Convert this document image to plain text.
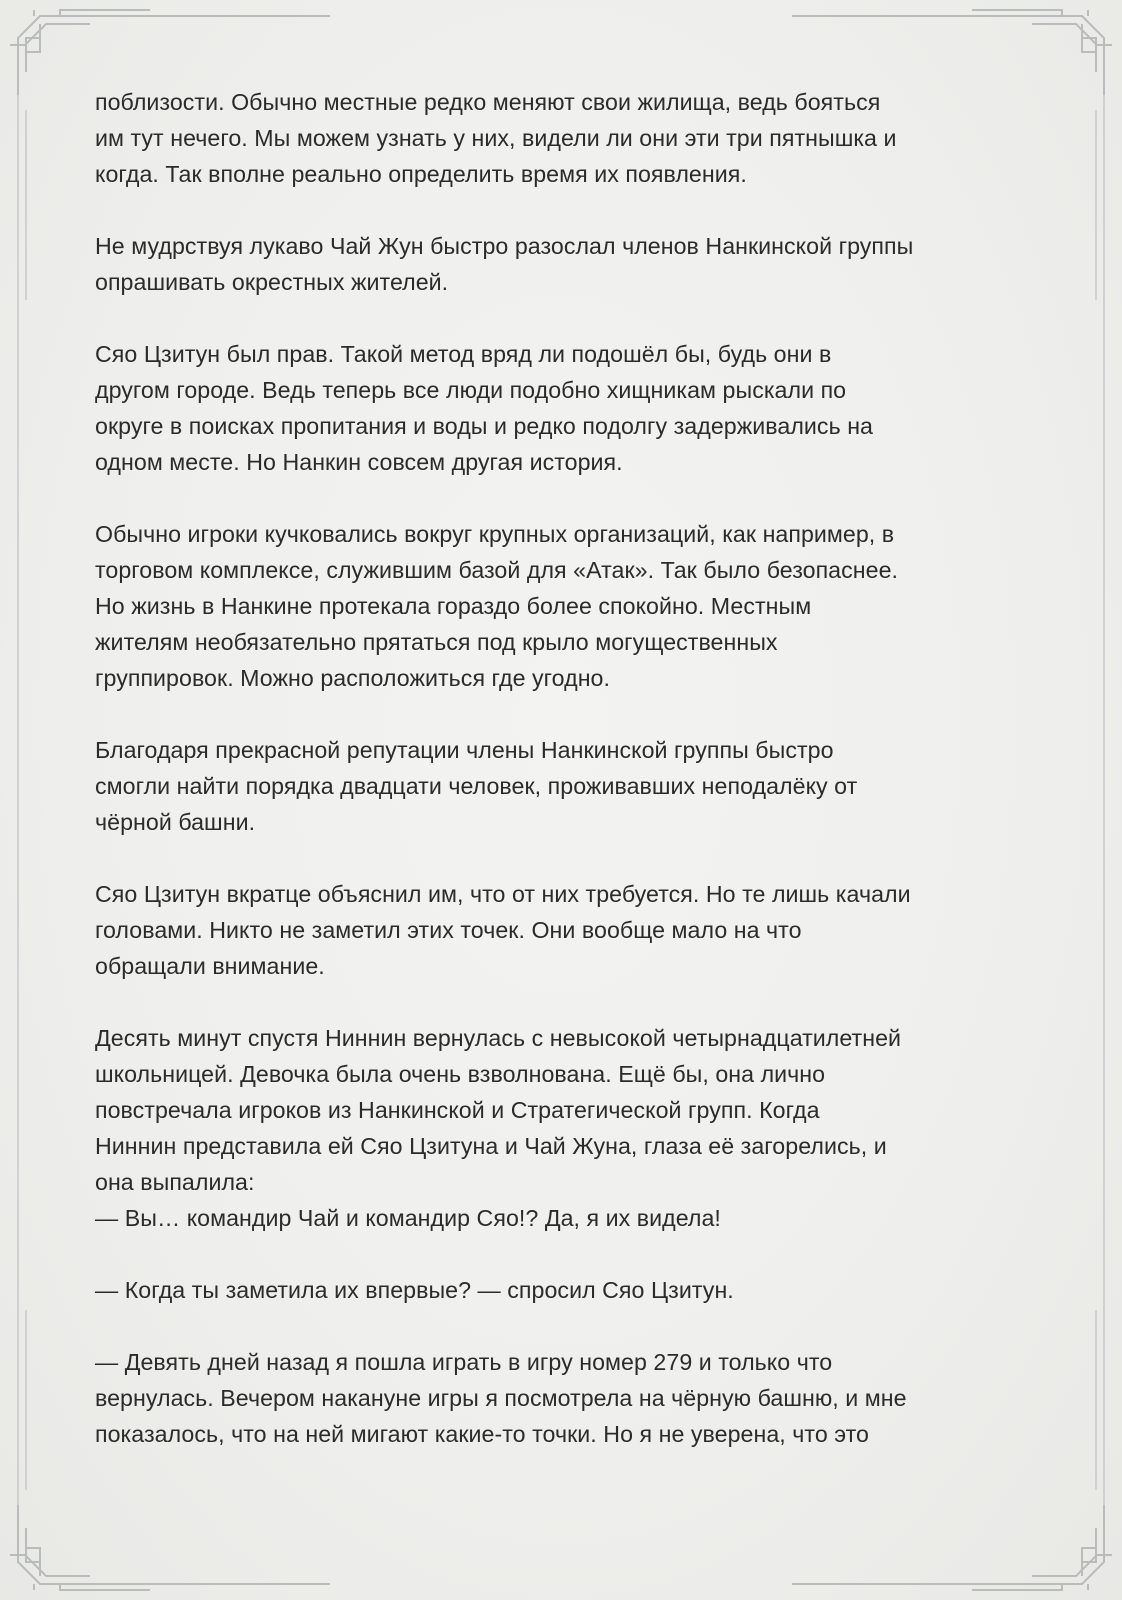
поблизости. Обычно местные редко меняют свои жилища, ведь бояться
им тут нечего. Мы можем узнать у них, видели ли они эти три пятнышка и
когда. Так вполне реально определить время их появления.

Не мудрствуя лукаво Чай Жун быстро разослал членов Нанкинской группы
опрашивать окрестных жителей.

Сяо Цзитун был прав. Такой метод вряд ли подошёл бы, будь они в
другом городе. Ведь теперь все люди подобно хищникам рыскали по
округе в поисках пропитания и воды и редко подолгу задерживались на
одном месте. Но Нанкин совсем другая история.

Обычно игроки кучковались вокруг крупных организаций, как например, в
торговом комплексе, служившим базой для «Атак». Так было безопаснее.
Но жизнь в Нанкине протекала гораздо более спокойно. Местным
жителям необязательно прятаться под крыло могущественных
группировок. Можно расположиться где угодно.

Благодаря прекрасной репутации члены Нанкинской группы быстро
смогли найти порядка двадцати человек, проживавших неподалёку от
чёрной башни.

Сяо Цзитун вкратце объяснил им, что от них требуется. Но те лишь качали
головами. Никто не заметил этих точек. Они вообще мало на что
обращали внимание.

Десять минут спустя Ниннин вернулась с невысокой четырнадцатилетней
школьницей. Девочка была очень взволнована. Ещё бы, она лично
повстречала игроков из Нанкинской и Стратегической групп. Когда
Ниннин представила ей Сяо Цзитуна и Чай Жуна, глаза её загорелись, и
она выпалила:
— Вы… командир Чай и командир Сяо!? Да, я их видела!

— Когда ты заметила их впервые? — спросил Сяо Цзитун.

— Девять дней назад я пошла играть в игру номер 279 и только что
вернулась. Вечером накануне игры я посмотрела на чёрную башню, и мне
показалось, что на ней мигают какие-то точки. Но я не уверена, что это
